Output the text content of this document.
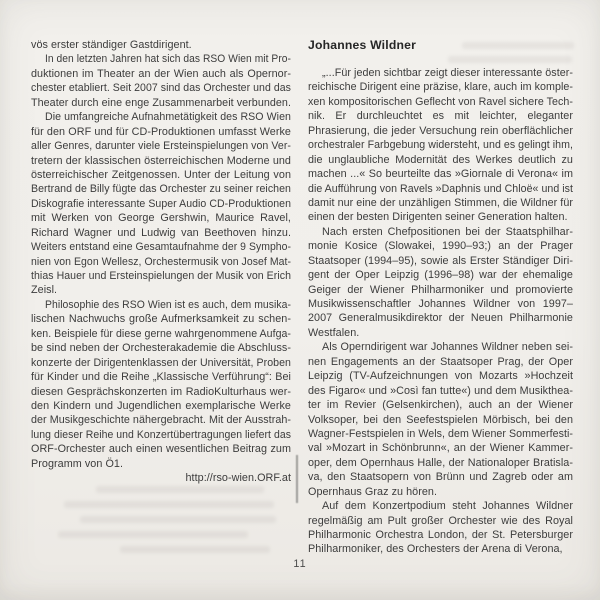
vös erster ständiger Gastdirigent.
In den letzten Jahren hat sich das RSO Wien mit Pro-
duktionen im Theater an der Wien auch als Opernor-
chester etabliert. Seit 2007 sind das Orchester und das
Theater durch eine enge Zusammenarbeit verbunden.
Die umfangreiche Aufnahmetätigkeit des RSO Wien
für den ORF und für CD-Produktionen umfasst Werke
aller Genres, darunter viele Ersteinspielungen von Ver-
tretern der klassischen österreichischen Moderne und
österreichischer Zeitgenossen. Unter der Leitung von
Bertrand de Billy fügte das Orchester zu seiner reichen
Diskografie interessante Super Audio CD-Produktionen
mit Werken von George Gershwin, Maurice Ravel,
Richard Wagner und Ludwig van Beethoven hinzu.
Weiters entstand eine Gesamtaufnahme der 9 Sympho-
nien von Egon Wellesz, Orchestermusik von Josef Mat-
thias Hauer und Ersteinspielungen der Musik von Erich
Zeisl.
Philosophie des RSO Wien ist es auch, dem musika-
lischen Nachwuchs große Aufmerksamkeit zu schen-
ken. Beispiele für diese gerne wahrgenommene Aufga-
be sind neben der Orchesterakademie die Abschluss-
konzerte der Dirigentenklassen der Universität, Proben
für Kinder und die Reihe „Klassische Verführung“: Bei
diesen Gesprächskonzerten im RadioKulturhaus wer-
den Kindern und Jugendlichen exemplarische Werke
der Musikgeschichte nähergebracht. Mit der Ausstrah-
lung dieser Reihe und Konzertübertragungen liefert das
ORF-Orchester auch einen wesentlichen Beitrag zum
Programm von Ö1.
http://rso-wien.ORF.at
Johannes Wildner
„...Für jeden sichtbar zeigt dieser interessante öster-
reichische Dirigent eine präzise, klare, auch im komple-
xen kompositorischen Geflecht von Ravel sichere Tech-
nik. Er durchleuchtet es mit leichter, eleganter
Phrasierung, die jeder Versuchung rein oberflächlicher
orchestraler Farbgebung widersteht, und es gelingt ihm,
die unglaubliche Modernität des Werkes deutlich zu
machen ...« So beurteilte das »Giornale di Verona« im
die Aufführung von Ravels »Daphnis und Chloë« und ist
damit nur eine der unzähligen Stimmen, die Wildner für
einen der besten Dirigenten seiner Generation halten.
Nach ersten Chefpositionen bei der Staatsphilhar-
monie Kosice (Slowakei, 1990–93;) an der Prager
Staatsoper (1994–95), sowie als Erster Ständiger Diri-
gent der Oper Leipzig (1996–98) war der ehemalige
Geiger der Wiener Philharmoniker und promovierte
Musikwissenschaftler Johannes Wildner von 1997–
2007 Generalmusikdirektor der Neuen Philharmonie
Westfalen.
Als Operndirigent war Johannes Wildner neben sei-
nen Engagements an der Staatsoper Prag, der Oper
Leipzig (TV-Aufzeichnungen von Mozarts »Hochzeit
des Figaro« und »Così fan tutte«) und dem Musikthea-
ter im Revier (Gelsenkirchen), auch an der Wiener
Volksoper, bei den Seefestspielen Mörbisch, bei den
Wagner-Festspielen in Wels, dem Wiener Sommerfesti-
val »Mozart in Schönbrunn«, an der Wiener Kammer-
oper, dem Opernhaus Halle, der Nationaloper Bratisla-
va, den Staatsopern von Brünn und Zagreb oder am
Opernhaus Graz zu hören.
Auf dem Konzertpodium steht Johannes Wildner
regelmäßig am Pult großer Orchester wie des Royal
Philharmonic Orchestra London, der St. Petersburger
Philharmoniker, des Orchesters der Arena di Verona,
11
